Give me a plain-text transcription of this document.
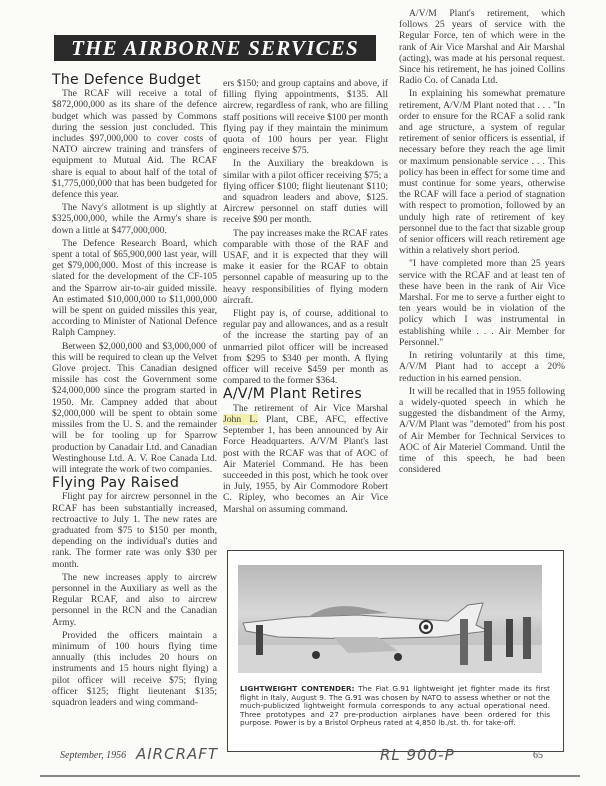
THE AIRBORNE SERVICES
The Defence Budget

The RCAF will receive a total of $872,000,000 as its share of the defence budget which was passed by Commons during the session just concluded. This includes $97,000,000 to cover costs of NATO aircrew training and transfers of equipment to Mutual Aid. The RCAF share is equal to about half of the total of $1,775,000,000 that has been budgeted for defence this year.

The Navy's allotment is up slightly at $325,000,000, while the Army's share is down a little at $477,000,000.

The Defence Research Board, which spent a total of $65,900,000 last year, will get $79,000,000. Most of this increase is slated for the development of the CF-105 and the Sparrow air-to-air guided missile. An estimated $10,000,000 to $11,000,000 will be spent on guided missiles this year, according to Minister of National Defence Ralph Campney.

Between $2,000,000 and $3,000,000 of this will be required to clean up the Velvet Glove project. This Canadian designed missile has cost the Government some $24,000,000 since the program started in 1950. Mr. Campney added that about $2,000,000 will be spent to obtain some missiles from the U. S. and the remainder will be for tooling up for Sparrow production by Canadair Ltd. and Canadian Westinghouse Ltd. A. V. Roe Canada Ltd. will integrate the work of two companies.

Flying Pay Raised

Flight pay for aircrew personnel in the RCAF has been substantially increased, rectroactive to July 1. The new rates are graduated from $75 to $150 per month, depending on the individual's duties and rank. The former rate was only $30 per month.

The new increases apply to aircrew personnel in the Auxiliary as well as the Regular RCAF, and also to aircrew personnel in the RCN and the Canadian Army.

Provided the officers maintain a minimum of 100 hours flying time annually (this includes 20 hours on instruments and 15 hours night flying) a pilot officer will receive $75; flying officer $125; flight lieutenant $135; squadron leaders and wing command-

ers $150; and group captains and above, if filling flying appointments, $135. All aircrew, regardless of rank, who are filling staff positions will receive $100 per month flying pay if they maintain the minimum quota of 100 hours per year. Flight engineers receive $75.

In the Auxiliary the breakdown is similar with a pilot officer receiving $75; a flying officer $100; flight lieutenant $110; and squadron leaders and above, $125. Aircrew personnel on staff duties will receive $90 per month.

The pay increases make the RCAF rates comparable with those of the RAF and USAF, and it is expected that they will make it easier for the RCAF to obtain personnel capable of measuring up to the heavy responsibilities of flying modern aircraft.

Flight pay is, of course, additional to regular pay and allowances, and as a result of the increase the starting pay of an unmarried pilot officer will be increased from $295 to $340 per month. A flying officer will receive $459 per month as compared to the former $364.

A/V/M Plant Retires

The retirement of Air Vice Marshal John L. Plant, CBE, AFC, effective September 1, has been announced by Air Force Headquarters. A/V/M Plant's last post with the RCAF was that of AOC of Air Materiel Command. He has been succeeded in this post, which he took over in July, 1955, by Air Commodore Robert C. Ripley, who becomes an Air Vice Marshal on assuming command.

A/V/M Plant's retirement, which follows 25 years of service with the Regular Force, ten of which were in the rank of Air Vice Marshal and Air Marshal (acting), was made at his personal request. Since his retirement, he has joined Collins Radio Co. of Canada Ltd.

In explaining his somewhat premature retirement, A/V/M Plant noted that . . . "In order to ensure for the RCAF a solid rank and age structure, a system of regular retirement of senior officers is essential, if necessary before they reach the age limit or maximum pensionable service . . . This policy has been in effect for some time and must continue for some years, otherwise the RCAF will face a period of stagnation with respect to promotion, followed by an unduly high rate of retirement of key personnel due to the fact that sizable group of senior officers will reach retirement age within a relatively short period.

"I have completed more than 25 years service with the RCAF and at least ten of these have been in the rank of Air Vice Marshal. For me to serve a further eight to ten years would be in violation of the policy which I was instrumental in establishing while . . . Air Member for Personnel."

In retiring voluntarily at this time, A/V/M Plant had to accept a 20% reduction in his earned pension.

It will be recalled that in 1955 following a widely-quoted speech in which he suggested the disbandment of the Army, A/V/M Plant was "demoted" from his post of Air Member for Technical Services to AOC of Air Materiel Command. Until the time of this speech, he had been considered

LIGHTWEIGHT CONTENDER: The Fiat G.91 lightweight jet fighter made its first flight in Italy, August 9. The G.91 was chosen by NATO to assess whether or not the much-publicized lightweight formula corresponds to any actual operational need. Three prototypes and 27 pre-production airplanes have been ordered for this purpose. Power is by a Bristol Orpheus rated at 4,850 lb./st. th. for take-off.
September, 1956 AIRCRAFT	RL 900-P	65
